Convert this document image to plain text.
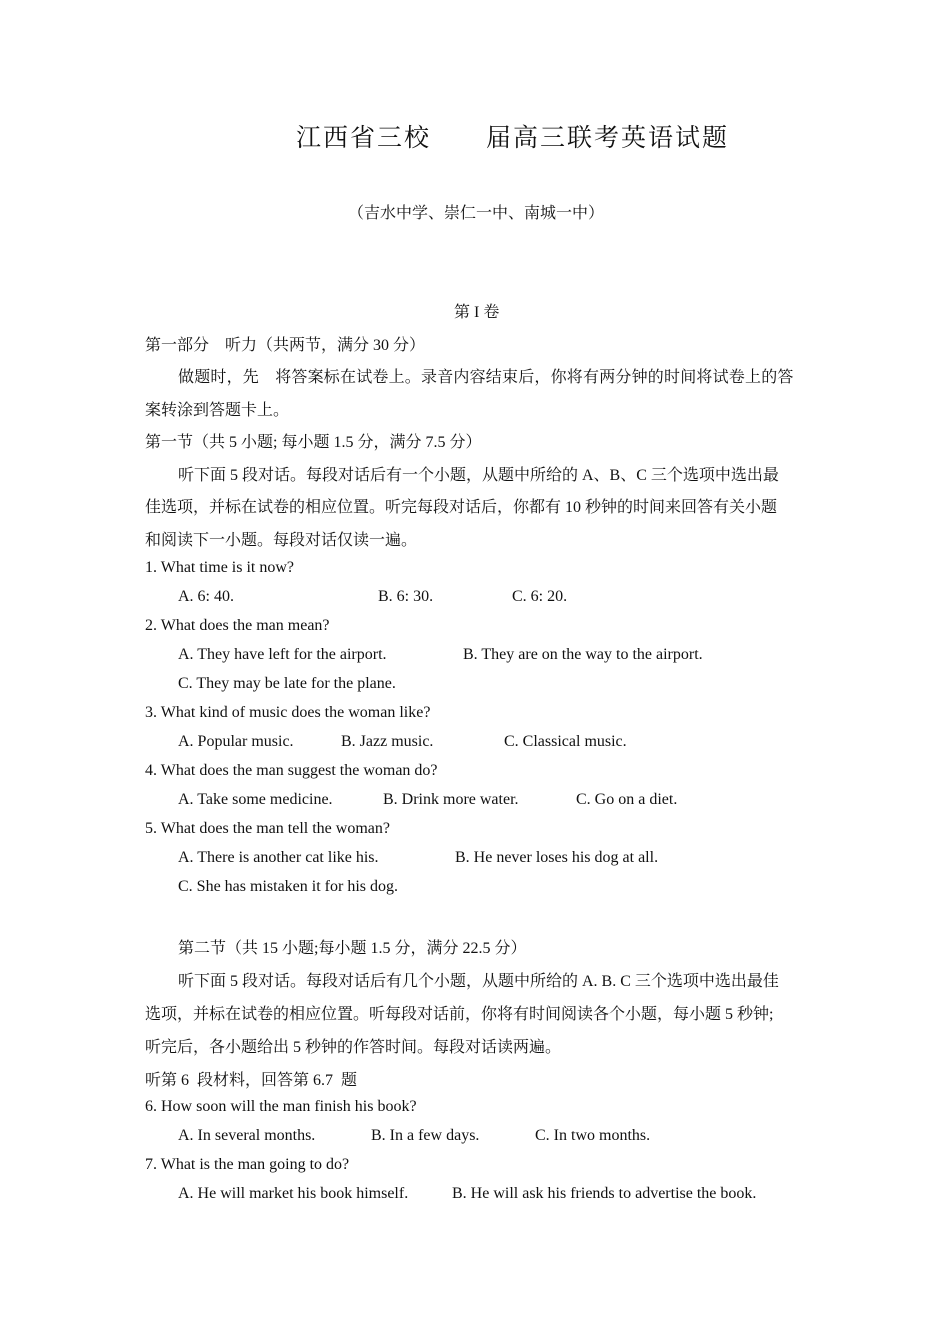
江西省三校 届高三联考英语试题
（吉水中学、崇仁一中、南城一中）
第 I 卷
第一部分　听力（共两节，满分 30 分）
做题时，先　将答案标在试卷上。录音内容结束后，你将有两分钟的时间将试卷上的答
案转涂到答题卡上。
第一节（共 5 小题; 每小题 1.5 分，满分 7.5 分）
听下面 5 段对话。每段对话后有一个小题，从题中所给的 A、B、C 三个选项中选出最
佳选项，并标在试卷的相应位置。听完每段对话后，你都有 10 秒钟的时间来回答有关小题
和阅读下一小题。每段对话仅读一遍。
1. What time is it now?
A. 6: 40.	B. 6: 30.	C. 6: 20.
2. What does the man mean?
A. They have left for the airport.	B. They are on the way to the airport.
C. They may be late for the plane.
3. What kind of music does the woman like?
A. Popular music.	B. Jazz music.	C. Classical music.
4. What does the man suggest the woman do?
A. Take some medicine.	B. Drink more water.	C. Go on a diet.
5. What does the man tell the woman?
A. There is another cat like his.	B. He never loses his dog at all.
C. She has mistaken it for his dog.
第二节（共 15 小题;每小题 1.5 分，满分 22.5 分）
听下面 5 段对话。每段对话后有几个小题，从题中所给的 A. B. C 三个选项中选出最佳
选项，并标在试卷的相应位置。听每段对话前，你将有时间阅读各个小题，每小题 5 秒钟;
听完后，各小题给出 5 秒钟的作答时间。每段对话读两遍。
听第 6  段材料，回答第 6.7  题
6. How soon will the man finish his book?
A. In several months.	B. In a few days.	C. In two months.
7. What is the man going to do?
A. He will market his book himself.	B. He will ask his friends to advertise the book.
